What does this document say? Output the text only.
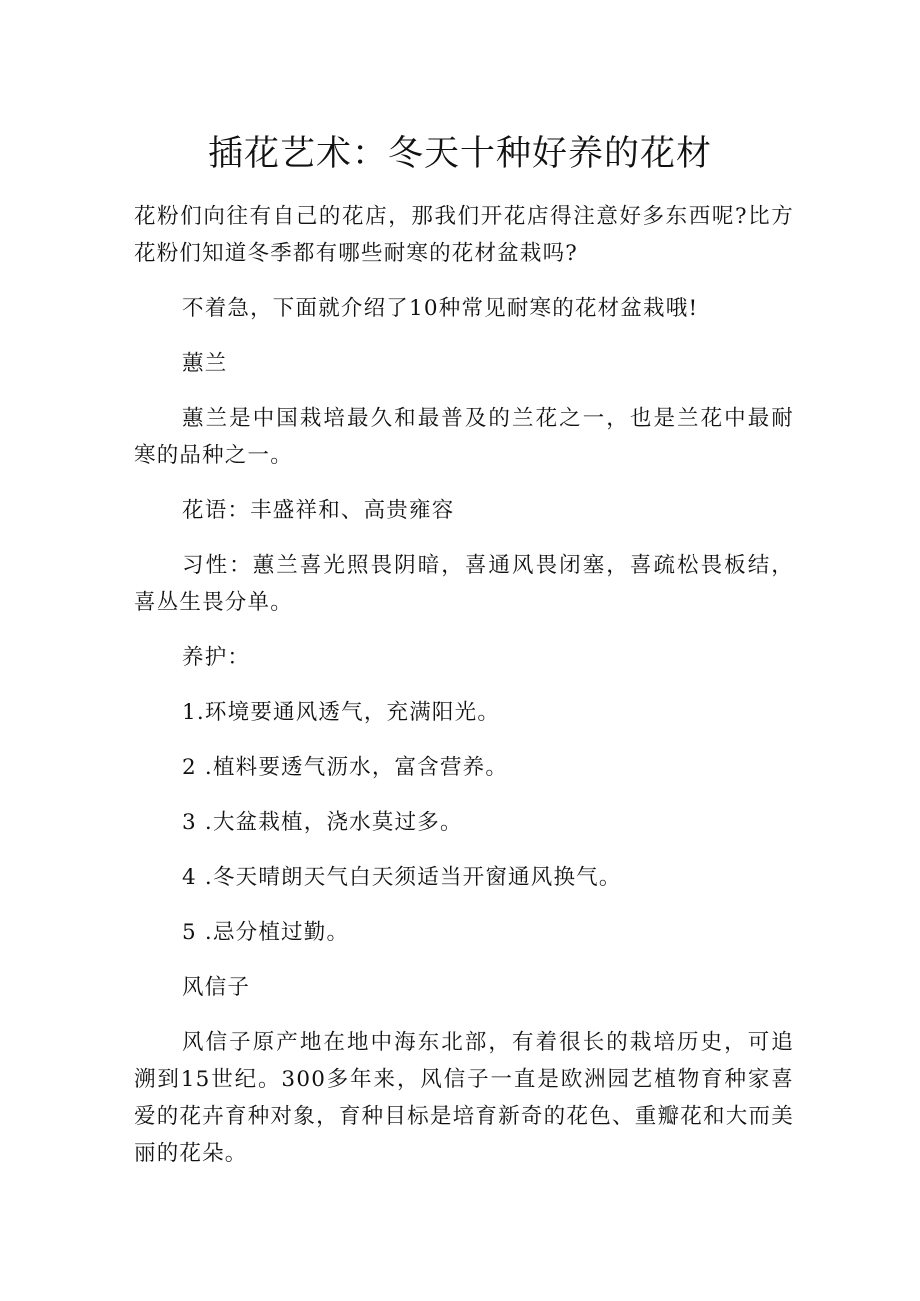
插花艺术：冬天十种好养的花材

花粉们向往有自己的花店，那我们开花店得注意好多东西呢?比方花粉们知道冬季都有哪些耐寒的花材盆栽吗?

不着急，下面就介绍了10种常见耐寒的花材盆栽哦!

蕙兰

蕙兰是中国栽培最久和最普及的兰花之一，也是兰花中最耐寒的品种之一。

花语：丰盛祥和、高贵雍容

习性：蕙兰喜光照畏阴暗，喜通风畏闭塞，喜疏松畏板结，喜丛生畏分单。

养护：

1.环境要通风透气，充满阳光。

2 .植料要透气沥水，富含营养。

3 .大盆栽植，浇水莫过多。

4 .冬天晴朗天气白天须适当开窗通风换气。

5 .忌分植过勤。

风信子

风信子原产地在地中海东北部，有着很长的栽培历史，可追溯到15世纪。300多年来，风信子一直是欧洲园艺植物育种家喜爱的花卉育种对象，育种目标是培育新奇的花色、重瓣花和大而美丽的花朵。
